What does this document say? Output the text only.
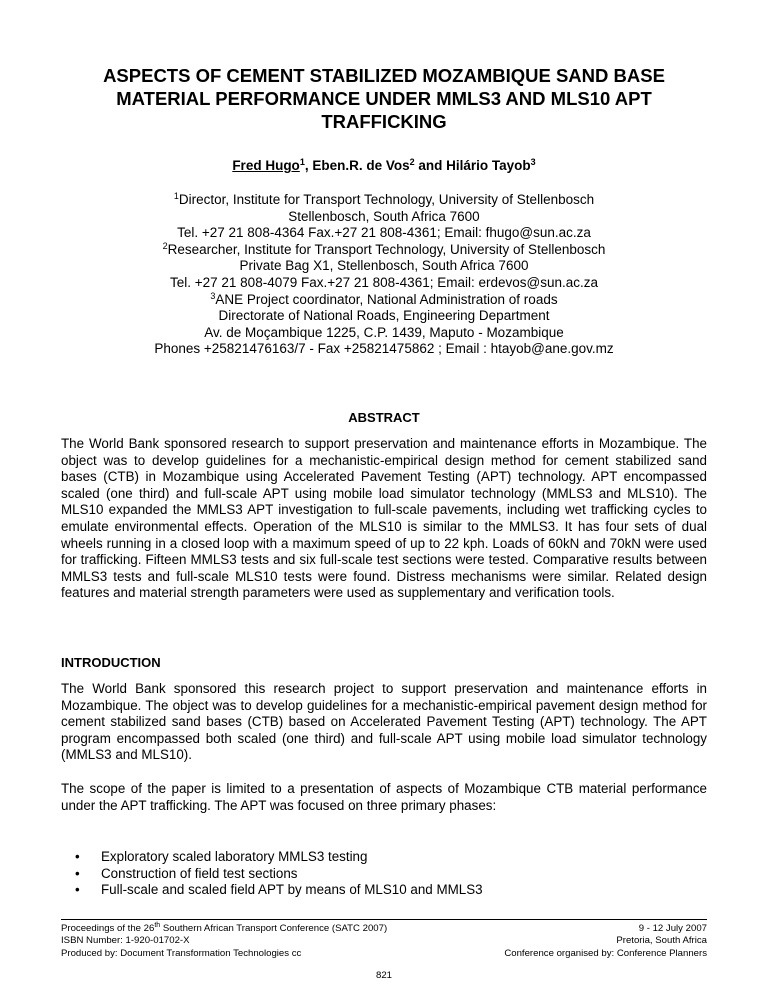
ASPECTS OF CEMENT STABILIZED MOZAMBIQUE SAND BASE MATERIAL PERFORMANCE UNDER MMLS3 AND MLS10 APT TRAFFICKING
Fred Hugo$^1$, Eben.R. de Vos$^2$ and Hilário Tayob$^3$
$^1$Director, Institute for Transport Technology, University of Stellenbosch
Stellenbosch, South Africa 7600
Tel. +27 21 808-4364 Fax.+27 21 808-4361; Email: fhugo@sun.ac.za
$^2$Researcher, Institute for Transport Technology, University of Stellenbosch
Private Bag X1, Stellenbosch, South Africa 7600
Tel. +27 21 808-4079 Fax.+27 21 808-4361; Email: erdevos@sun.ac.za
$^3$ANE Project coordinator, National Administration of roads
Directorate of National Roads, Engineering Department
Av. de Moçambique 1225, C.P. 1439, Maputo - Mozambique
Phones +25821476163/7 - Fax +25821475862 ; Email : htayob@ane.gov.mz
ABSTRACT
The World Bank sponsored research to support preservation and maintenance efforts in Mozambique. The object was to develop guidelines for a mechanistic-empirical design method for cement stabilized sand bases (CTB) in Mozambique using Accelerated Pavement Testing (APT) technology. APT encompassed scaled (one third) and full-scale APT using mobile load simulator technology (MMLS3 and MLS10). The MLS10 expanded the MMLS3 APT investigation to full-scale pavements, including wet trafficking cycles to emulate environmental effects. Operation of the MLS10 is similar to the MMLS3. It has four sets of dual wheels running in a closed loop with a maximum speed of up to 22 kph. Loads of 60kN and 70kN were used for trafficking. Fifteen MMLS3 tests and six full-scale test sections were tested. Comparative results between MMLS3 tests and full-scale MLS10 tests were found. Distress mechanisms were similar. Related design features and material strength parameters were used as supplementary and verification tools.
INTRODUCTION
The World Bank sponsored this research project to support preservation and maintenance efforts in Mozambique. The object was to develop guidelines for a mechanistic-empirical pavement design method for cement stabilized sand bases (CTB) based on Accelerated Pavement Testing (APT) technology. The APT program encompassed both scaled (one third) and full-scale APT using mobile load simulator technology (MMLS3 and MLS10).
The scope of the paper is limited to a presentation of aspects of Mozambique CTB material performance under the APT trafficking. The APT was focused on three primary phases:
• Exploratory scaled laboratory MMLS3 testing
• Construction of field test sections
• Full-scale and scaled field APT by means of MLS10 and MMLS3
Proceedings of the 26th Southern African Transport Conference (SATC 2007)
ISBN Number: 1-920-01702-X
Produced by: Document Transformation Technologies cc
9 - 12 July 2007
Pretoria, South Africa
Conference organised by: Conference Planners
821
